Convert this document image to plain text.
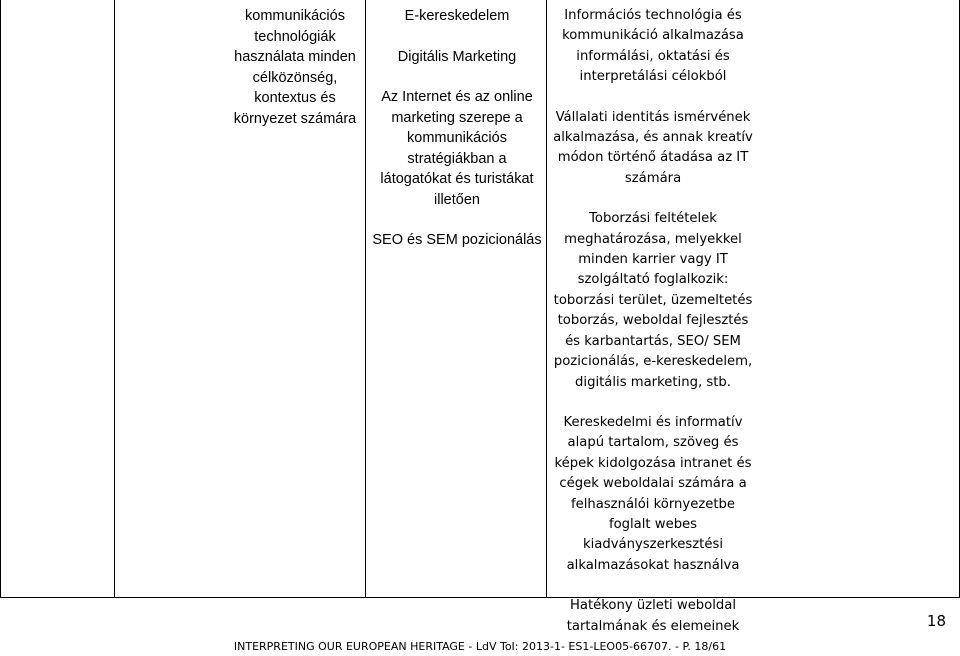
kommunikációs

technológiák

használata minden

célközönség,

kontextus és

környezet számára

E-kereskedelem

Digitális Marketing

Az Internet és az online

marketing szerepe a

kommunikációs

stratégiákban a

látogatókat és turistákat

illetően

SEO és SEM pozicionálás

Információs technológia és

kommunikáció alkalmazása

informálási, oktatási és

interpretálási célokból

Vállalati identitás ismérvének

alkalmazása, és annak kreatív

módon történő átadása az IT

számára

Toborzási feltételek

meghatározása, melyekkel

minden karrier vagy IT

szolgáltató foglalkozik:

toborzási terület, üzemeltetés

toborzás, weboldal fejlesztés

és karbantartás, SEO/ SEM

pozicionálás, e-kereskedelem,

digitális marketing, stb.

Kereskedelmi és informatív

alapú tartalom, szöveg és

képek kidolgozása intranet és

cégek weboldalai számára a

felhasználói környezetbe

foglalt webes

kiadványszerkesztési

alkalmazásokat használva

Hatékony üzleti weboldal

tartalmának és elemeinek	18
INTERPRETING OUR EUROPEAN HERITAGE - LdV ToI: 2013-1- ES1-LEO05-66707. - P. 18/61
